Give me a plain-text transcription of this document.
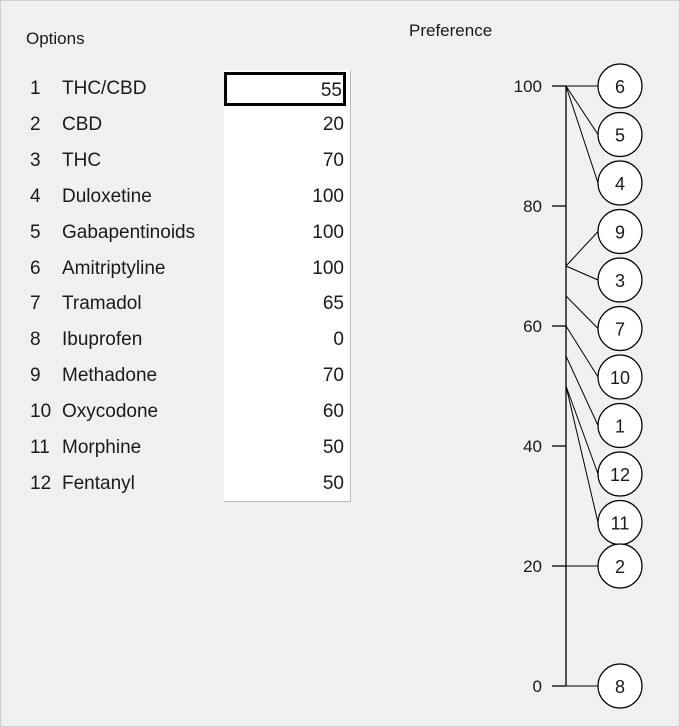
Options	Preference
1 THC/CBD	55
2 CBD	20
3 THC	70
4 Duloxetine	100
5 Gabapentinoids	100
6 Amitriptyline	100
7 Tramadol	65
8 Ibuprofen	0
9 Methadone	70
10 Oxycodone	60
11 Morphine	50
12 Fentanyl	50
0
20
40
60
80
100	6
5
4
9
3
7
10
1
12
11
2
8
